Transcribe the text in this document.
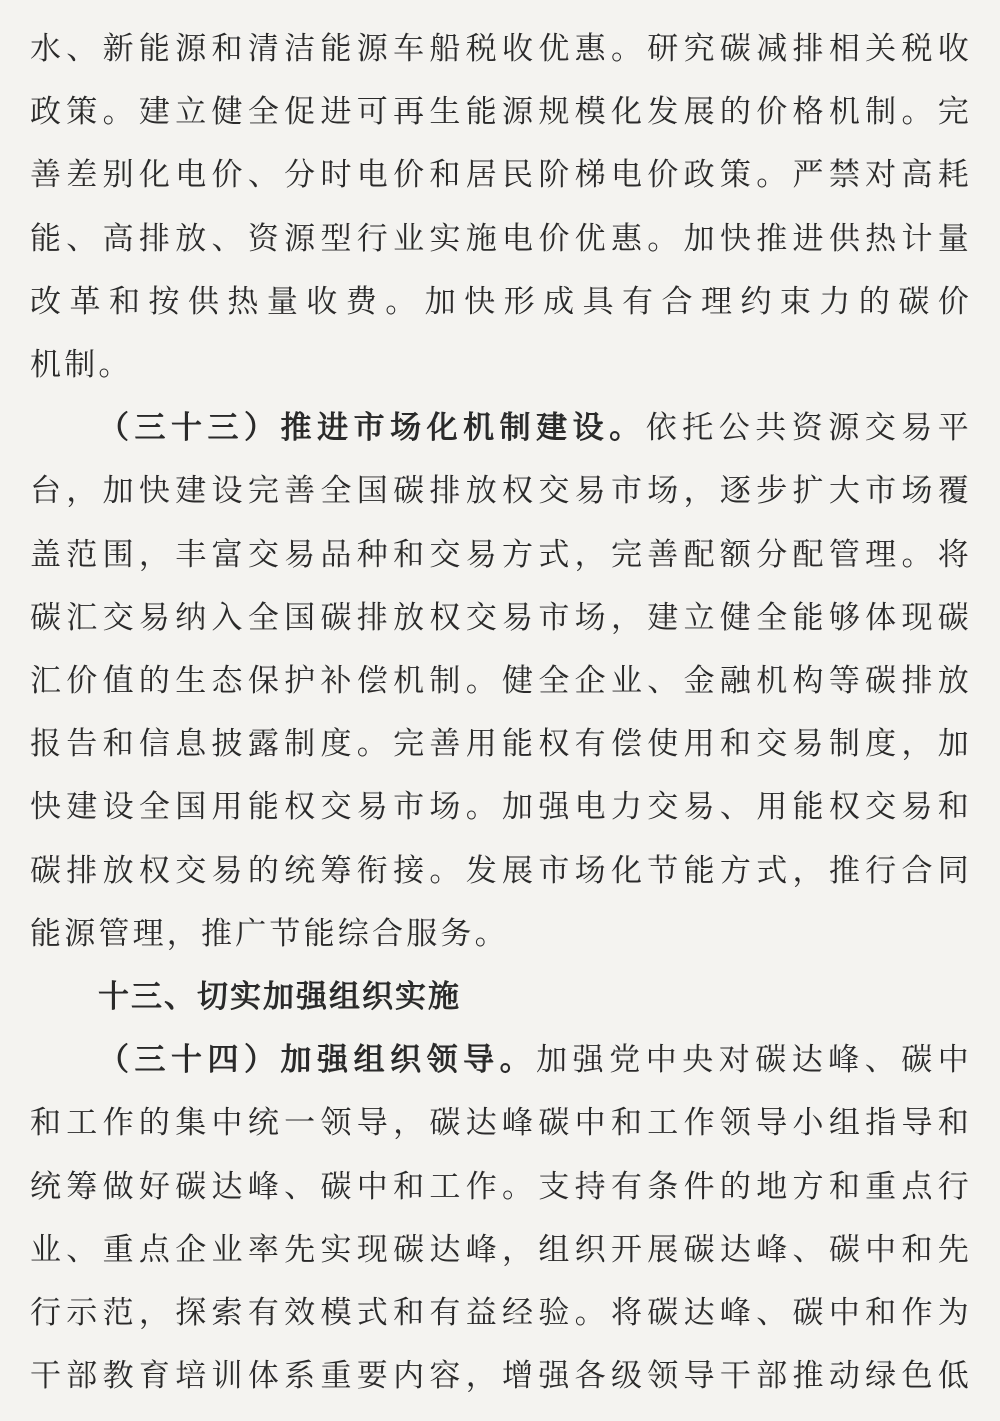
水、新能源和清洁能源车船税收优惠。研究碳减排相关税收
政策。建立健全促进可再生能源规模化发展的价格机制。完
善差别化电价、分时电价和居民阶梯电价政策。严禁对高耗
能、高排放、资源型行业实施电价优惠。加快推进供热计量
改革和按供热量收费。加快形成具有合理约束力的碳价
机制。
（三十三）推进市场化机制建设。依托公共资源交易平
台，加快建设完善全国碳排放权交易市场，逐步扩大市场覆
盖范围，丰富交易品种和交易方式，完善配额分配管理。将
碳汇交易纳入全国碳排放权交易市场，建立健全能够体现碳
汇价值的生态保护补偿机制。健全企业、金融机构等碳排放
报告和信息披露制度。完善用能权有偿使用和交易制度，加
快建设全国用能权交易市场。加强电力交易、用能权交易和
碳排放权交易的统筹衔接。发展市场化节能方式，推行合同
能源管理，推广节能综合服务。
十三、切实加强组织实施
（三十四）加强组织领导。加强党中央对碳达峰、碳中
和工作的集中统一领导，碳达峰碳中和工作领导小组指导和
统筹做好碳达峰、碳中和工作。支持有条件的地方和重点行
业、重点企业率先实现碳达峰，组织开展碳达峰、碳中和先
行示范，探索有效模式和有益经验。将碳达峰、碳中和作为
干部教育培训体系重要内容，增强各级领导干部推动绿色低
